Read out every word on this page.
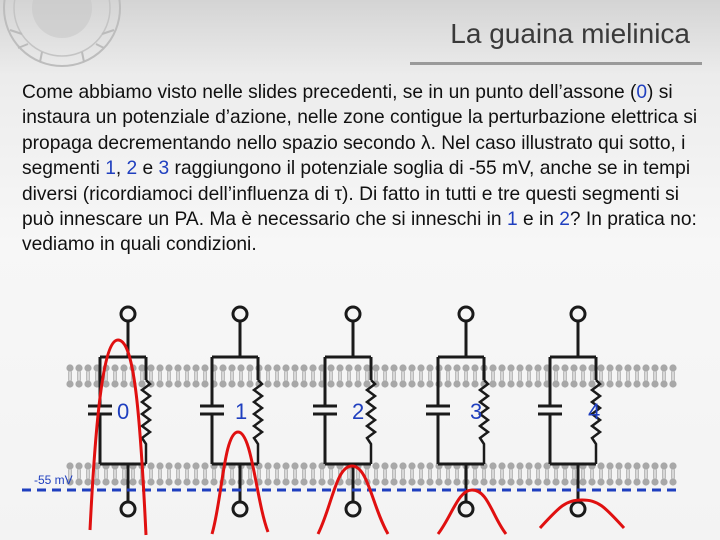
La guaina mielinica

Come abbiamo visto nelle slides precedenti, se in un punto dell’assone (0) si instaura un potenziale d’azione, nelle zone contigue la perturbazione elettrica si propaga decrementando nello spazio secondo λ. Nel caso illustrato qui sotto, i segmenti 1, 2 e 3 raggiungono il potenziale soglia di -55 mV, anche se in tempi diversi (ricordiamoci dell’influenza di τ). Di fatto in tutti e tre questi segmenti si può innescare un PA. Ma è necessario che si inneschi in 1 e in 2? In pratica no: vediamo in quali condizioni.

-55 mV
0	1	2	3	4
